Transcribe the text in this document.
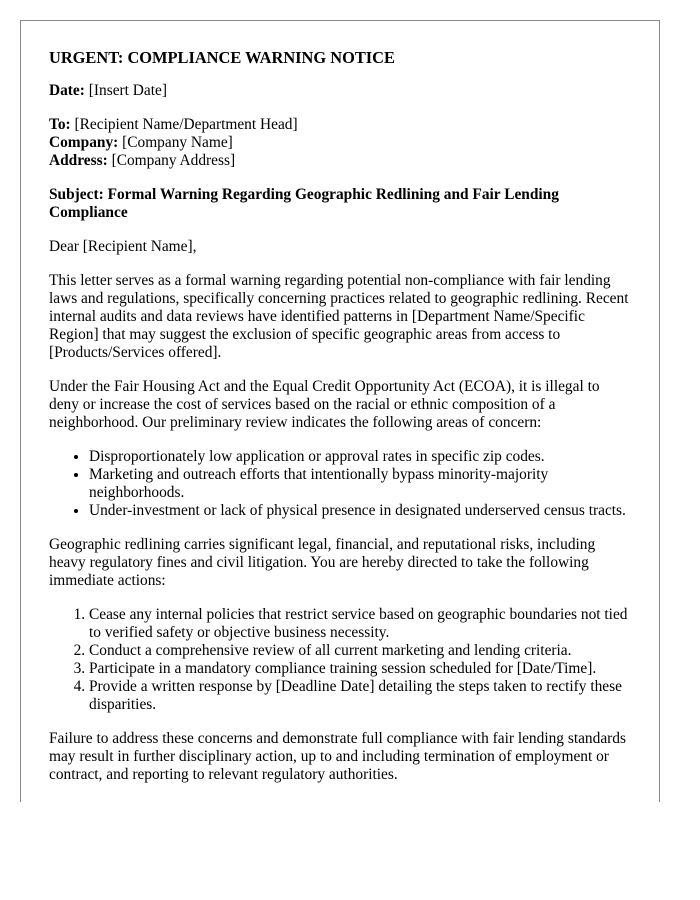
URGENT: COMPLIANCE WARNING NOTICE

Date: [Insert Date]

To: [Recipient Name/Department Head]

Company: [Company Name]

Address: [Company Address]

Subject: Formal Warning Regarding Geographic Redlining and Fair Lending Compliance

Dear [Recipient Name],

This letter serves as a formal warning regarding potential non-compliance with fair lending laws and regulations, specifically concerning practices related to geographic redlining. Recent internal audits and data reviews have identified patterns in [Department Name/Specific Region] that may suggest the exclusion of specific geographic areas from access to [Products/Services offered].

Under the Fair Housing Act and the Equal Credit Opportunity Act (ECOA), it is illegal to deny or increase the cost of services based on the racial or ethnic composition of a neighborhood. Our preliminary review indicates the following areas of concern:

• Disproportionately low application or approval rates in specific zip codes.
• Marketing and outreach efforts that intentionally bypass minority-majority neighborhoods.
• Under-investment or lack of physical presence in designated underserved census tracts.

Geographic redlining carries significant legal, financial, and reputational risks, including heavy regulatory fines and civil litigation. You are hereby directed to take the following immediate actions:

1. Cease any internal policies that restrict service based on geographic boundaries not tied to verified safety or objective business necessity.
2. Conduct a comprehensive review of all current marketing and lending criteria.
3. Participate in a mandatory compliance training session scheduled for [Date/Time].
4. Provide a written response by [Deadline Date] detailing the steps taken to rectify these disparities.

Failure to address these concerns and demonstrate full compliance with fair lending standards may result in further disciplinary action, up to and including termination of employment or contract, and reporting to relevant regulatory authorities.
